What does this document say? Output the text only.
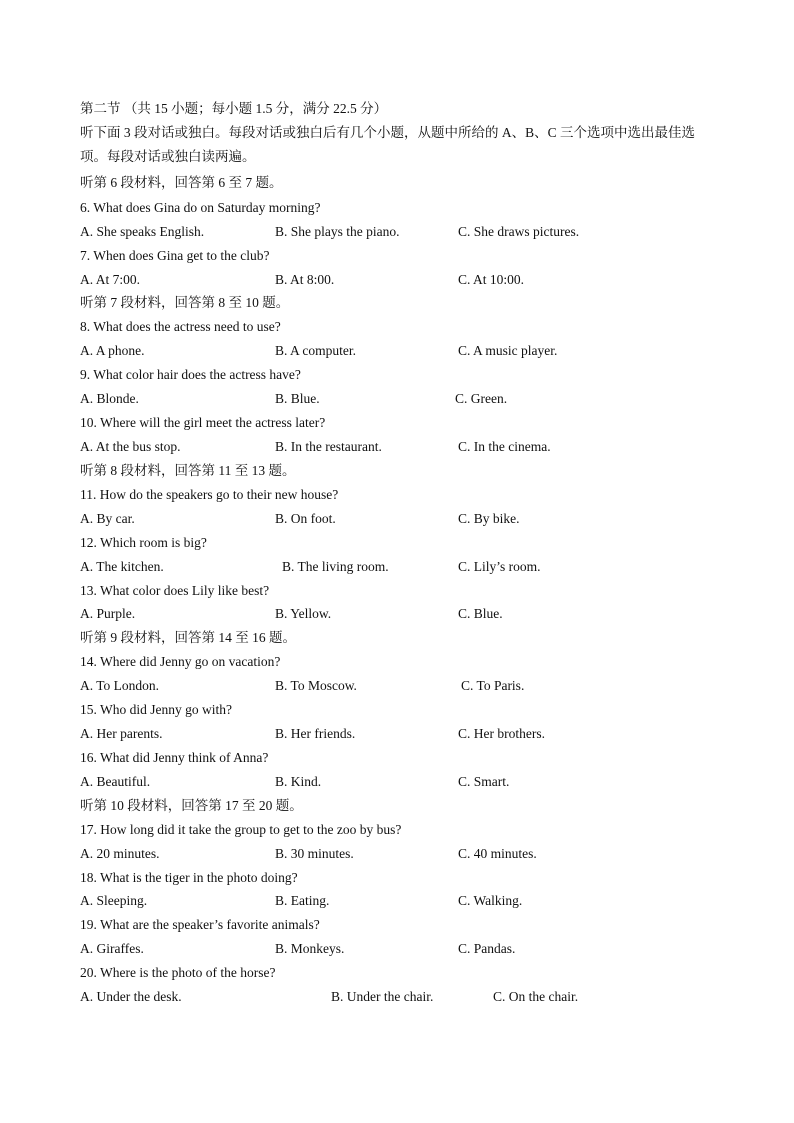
第二节 （共 15 小题；每小题 1.5 分，满分 22.5 分）
听下面 3 段对话或独白。每段对话或独白后有几个小题，从题中所给的 A、B、C 三个选项中选出最佳选项。每段对话或独白读两遍。
听第 6 段材料，回答第 6 至 7 题。
6. What does Gina do on Saturday morning?
A. She speaks English.	B. She plays the piano.	C. She draws pictures.
7. When does Gina get to the club?
A. At 7:00.	B. At 8:00.	C. At 10:00.
听第 7 段材料，回答第 8 至 10 题。
8. What does the actress need to use?
A. A phone.	B. A computer.	C. A music player.
9. What color hair does the actress have?
A. Blonde.	B. Blue.	C. Green.
10. Where will the girl meet the actress later?
A. At the bus stop.	B. In the restaurant.	C. In the cinema.
听第 8 段材料，回答第 11 至 13 题。
11. How do the speakers go to their new house?
A. By car.	B. On foot.	C. By bike.
12. Which room is big?
A. The kitchen.	B. The living room.	C. Lily’s room.
13. What color does Lily like best?
A. Purple.	B. Yellow.	C. Blue.
听第 9 段材料，回答第 14 至 16 题。
14. Where did Jenny go on vacation?
A. To London.	B. To Moscow.	C. To Paris.
15. Who did Jenny go with?
A. Her parents.	B. Her friends.	C. Her brothers.
16. What did Jenny think of Anna?
A. Beautiful.	B. Kind.	C. Smart.
听第 10 段材料，回答第 17 至 20 题。
17. How long did it take the group to get to the zoo by bus?
A. 20 minutes.	B. 30 minutes.	C. 40 minutes.
18. What is the tiger in the photo doing?
A. Sleeping.	B. Eating.	C. Walking.
19. What are the speaker’s favorite animals?
A. Giraffes.	B. Monkeys.	C. Pandas.
20. Where is the photo of the horse?
A. Under the desk.	B. Under the chair.	C. On the chair.
